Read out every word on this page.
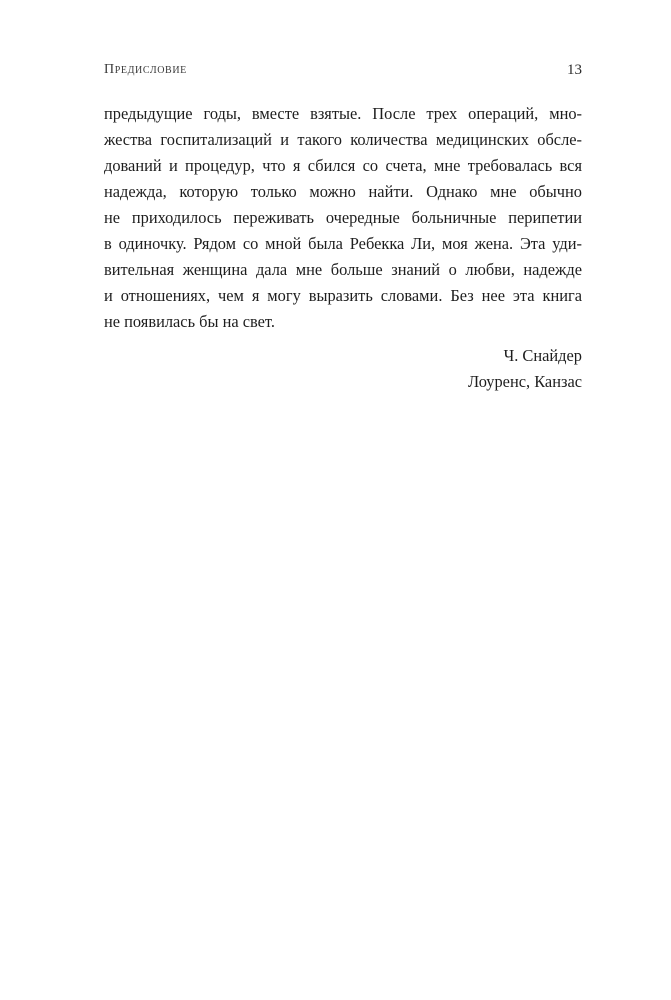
Предисловие	13
предыдущие годы, вместе взятые. После трех операций, мно-
жества госпитализаций и такого количества медицинских обсле-
дований и процедур, что я сбился со счета, мне требовалась вся
надежда, которую только можно найти. Однако мне обычно
не приходилось переживать очередные больничные перипетии
в одиночку. Рядом со мной была Ребекка Ли, моя жена. Эта уди-
вительная женщина дала мне больше знаний о любви, надежде
и отношениях, чем я могу выразить словами. Без нее эта книга
не появилась бы на свет.
Ч. Снайдер
Лоуренс, Канзас
